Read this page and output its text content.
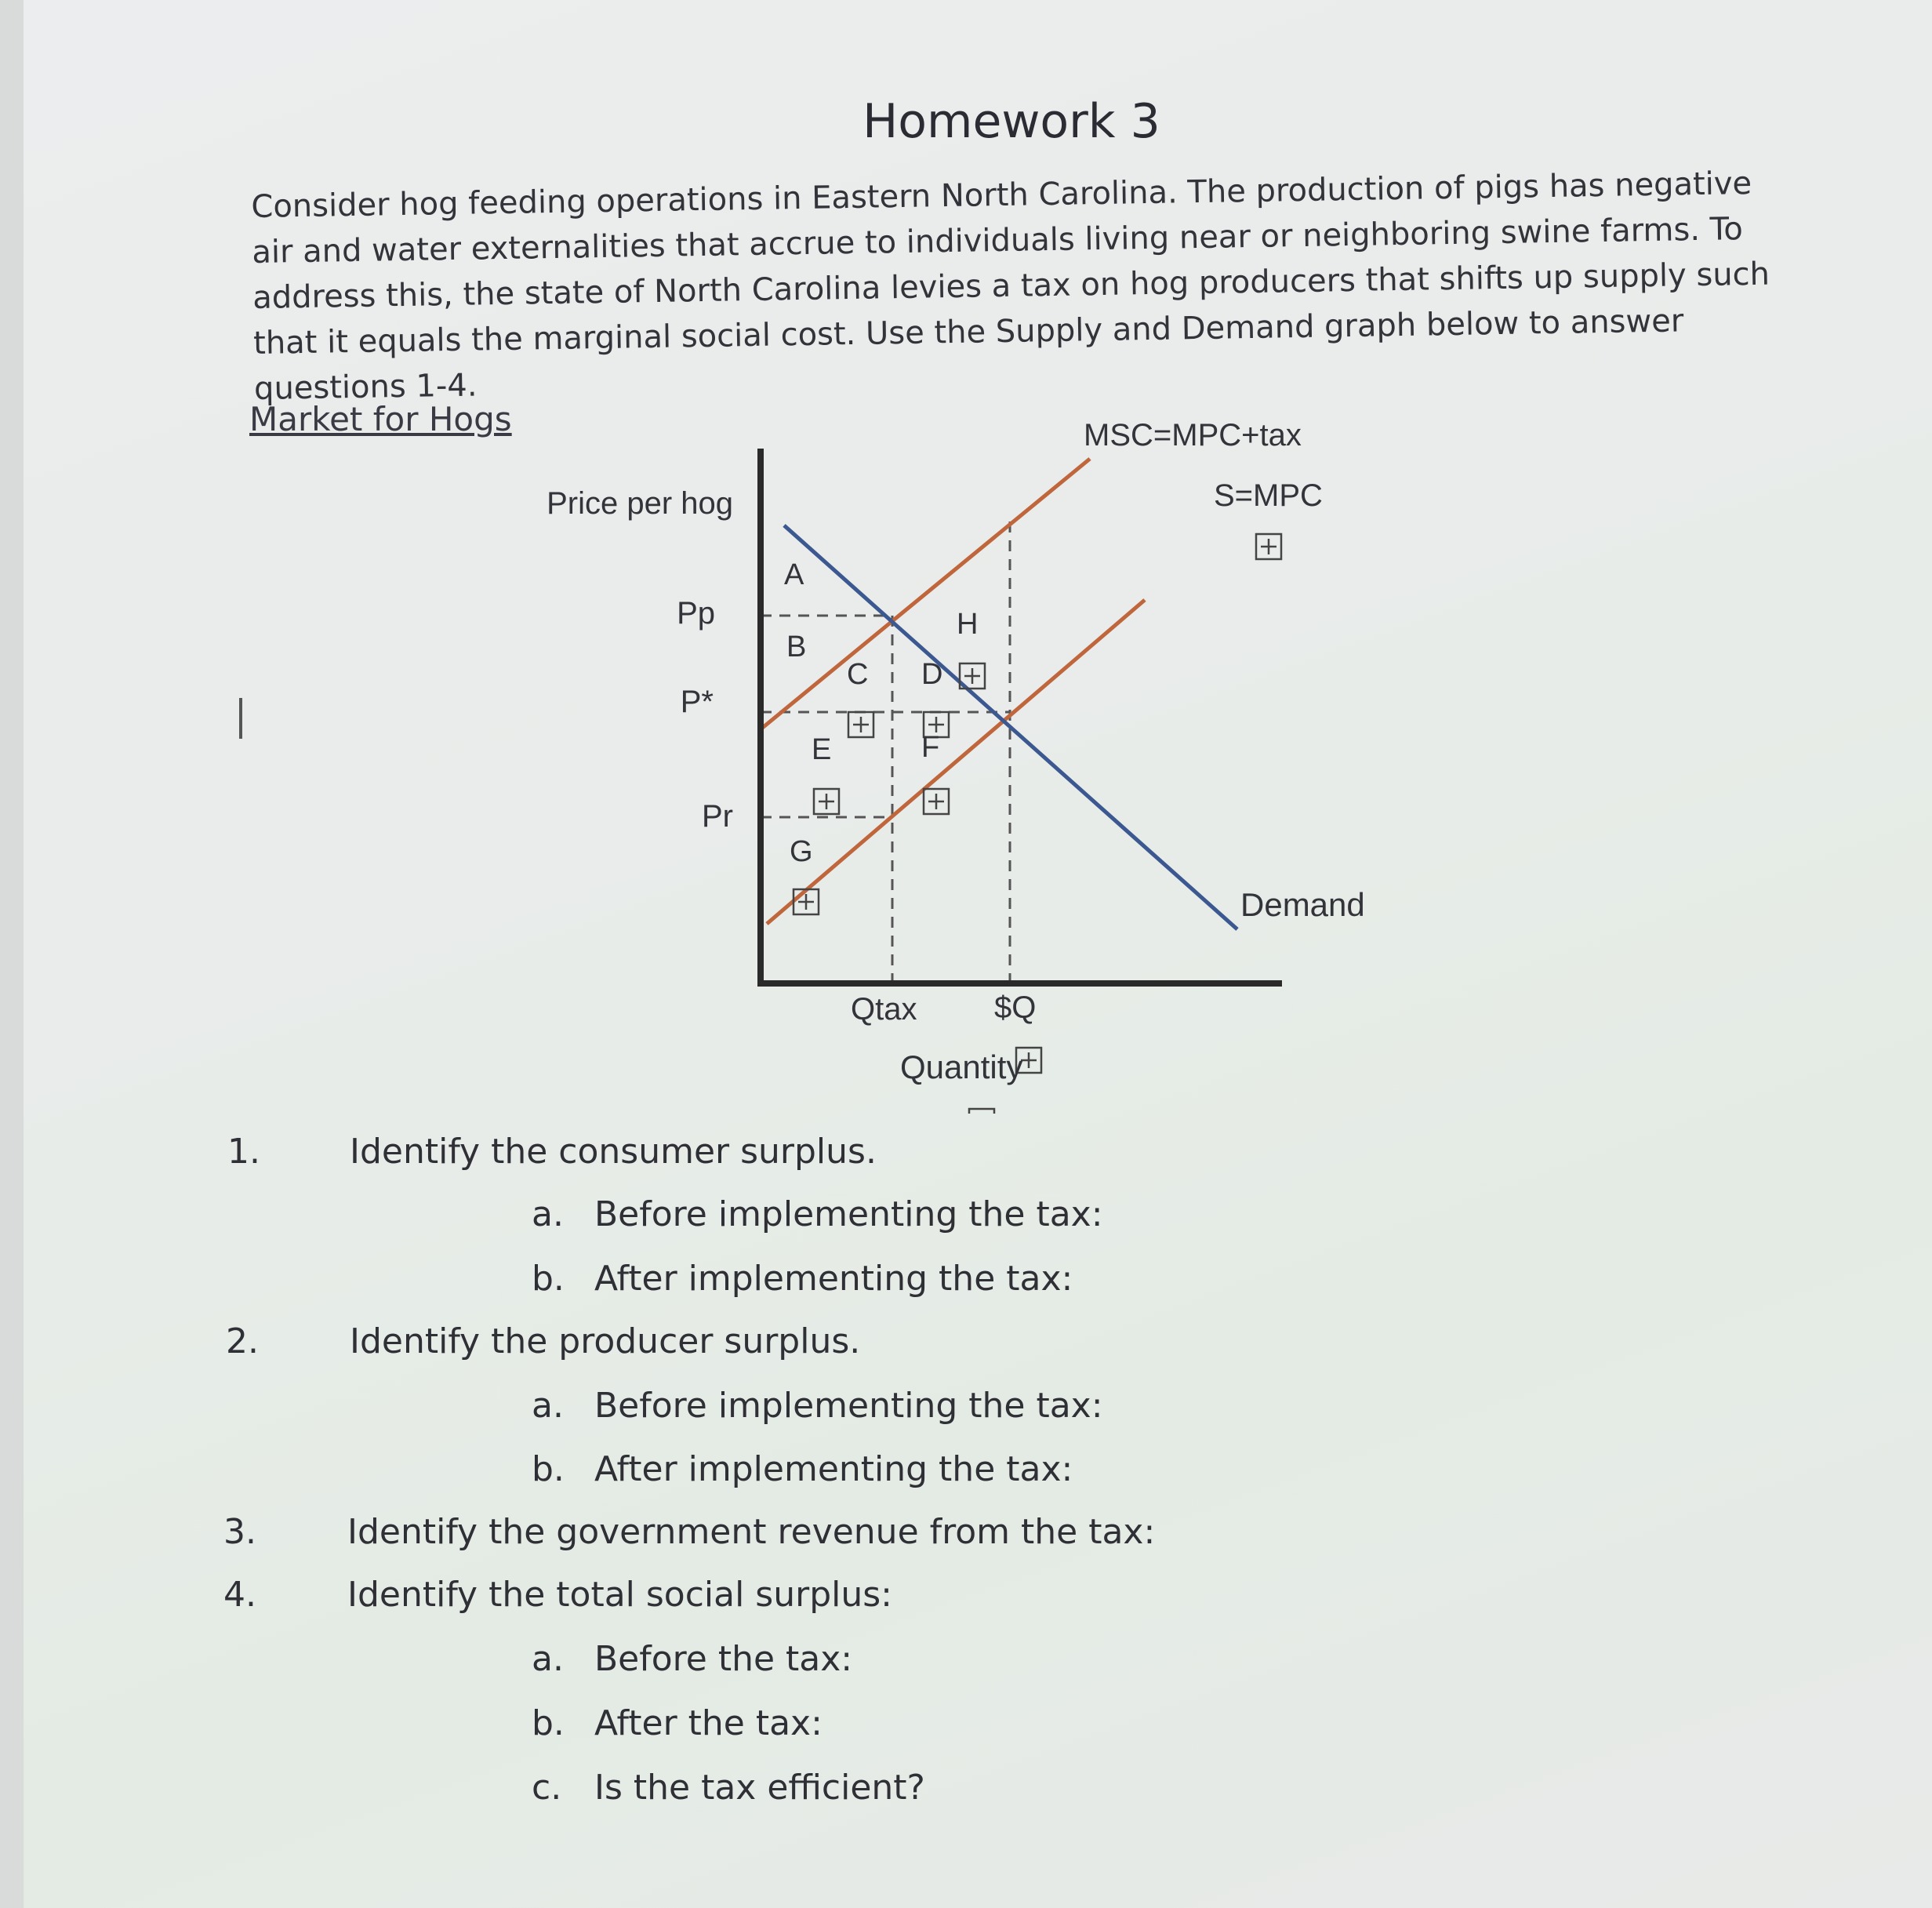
Homework 3
Consider hog feeding operations in Eastern North Carolina. The production of pigs has negative air and water externalities that accrue to individuals living near or neighboring swine farms. To address this, the state of North Carolina levies a tax on hog producers that shifts up supply such that it equals the marginal social cost. Use the Supply and Demand graph below to answer questions 1-4.
Market for Hogs
Price per hog
Pp
P*
Pr
MSC=MPC+tax
S=MPC
Demand
Qtax $Q
Quantity
A
B
C D
E	F
G
H
1.	Identify the consumer surplus.
a. Before implementing the tax:
b. After implementing the tax:
2.	Identify the producer surplus.
a. Before implementing the tax:
b. After implementing the tax:
3.	Identify the government revenue from the tax:
4.	Identify the total social surplus:
a. Before the tax:
b. After the tax:
c. Is the tax efficient?
